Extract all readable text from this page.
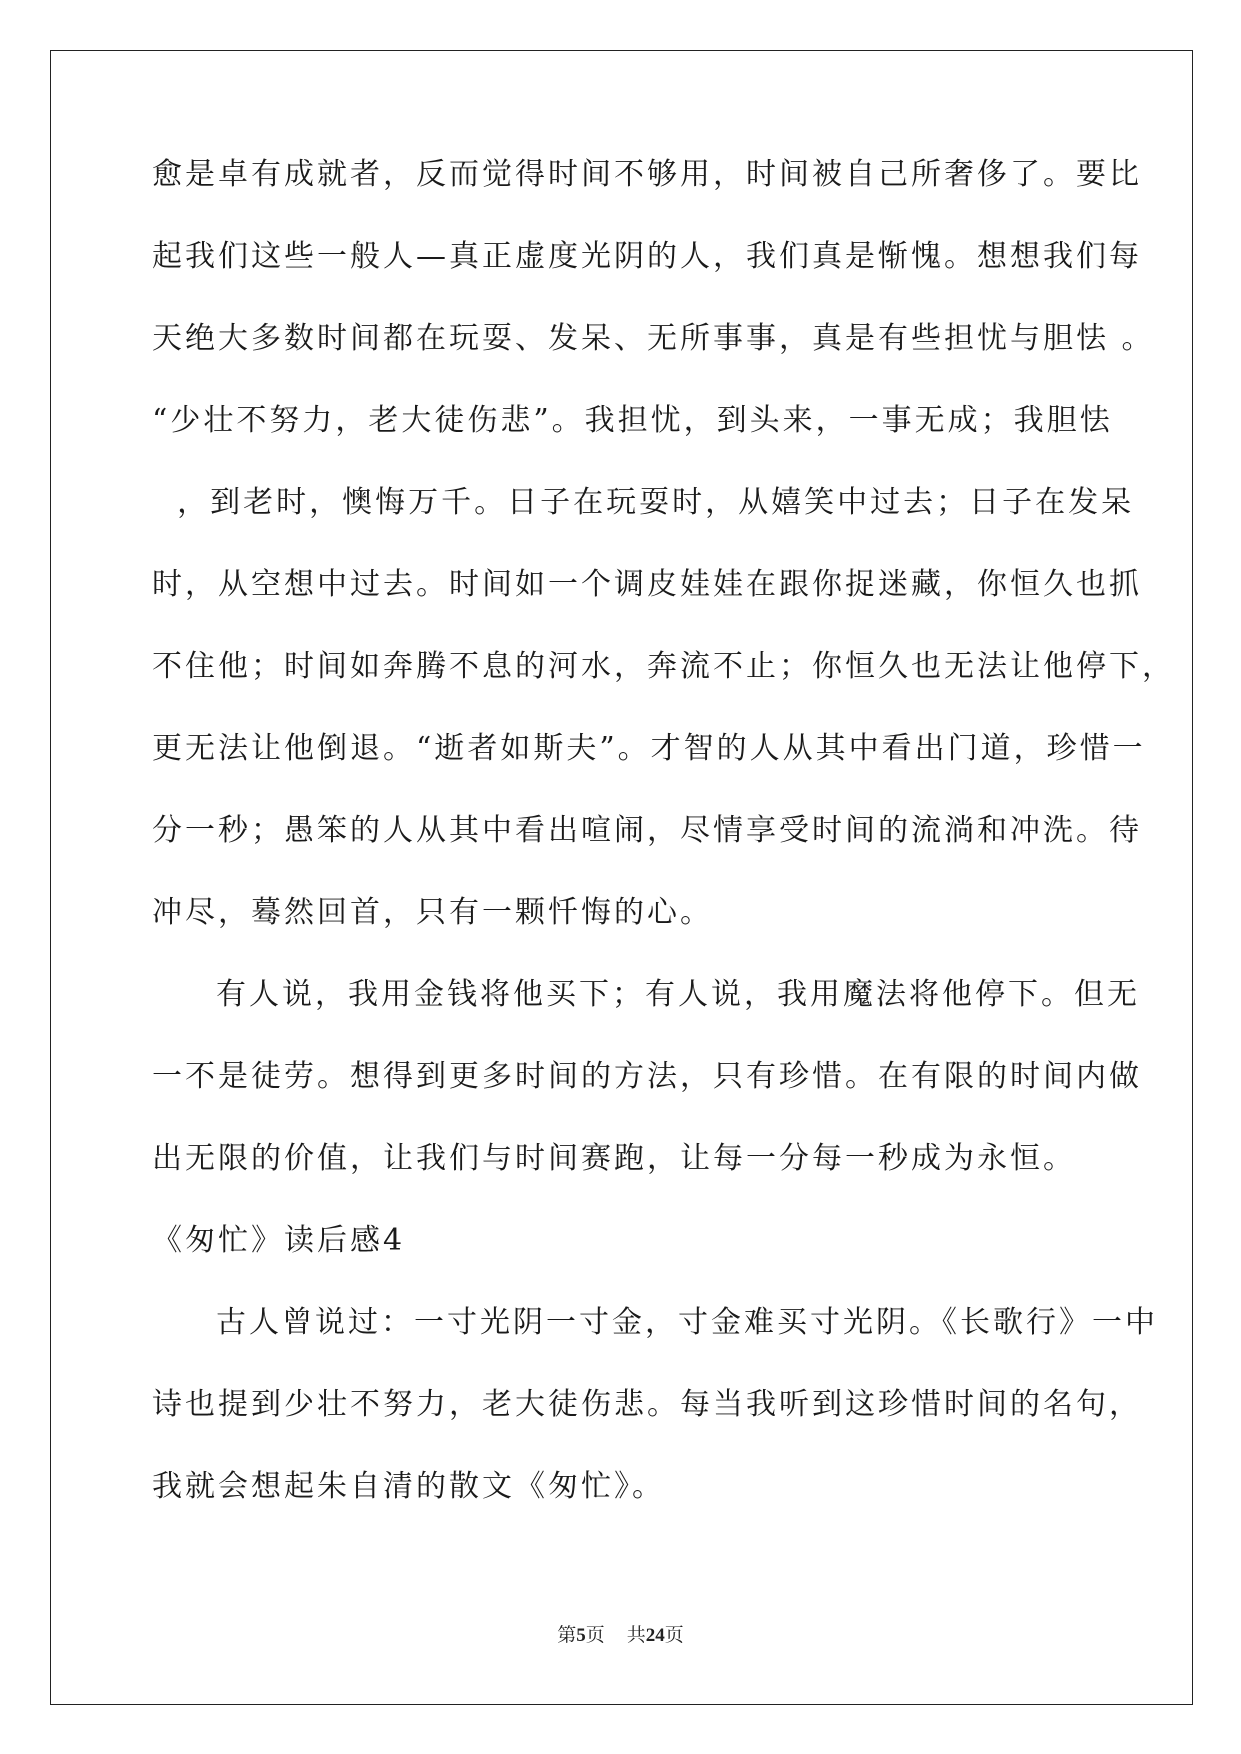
愈是卓有成就者，反而觉得时间不够用，时间被自己所奢侈了。要比
起我们这些一般人—真正虚度光阴的人，我们真是惭愧。想想我们每
天绝大多数时间都在玩耍、发呆、无所事事，真是有些担忧与胆怯 。
“少壮不努力，老大徒伤悲”。我担忧，到头来，一事无成；我胆怯
，到老时，懊悔万千。日子在玩耍时，从嬉笑中过去；日子在发呆
时，从空想中过去。时间如一个调皮娃娃在跟你捉迷藏，你恒久也抓
不住他；时间如奔腾不息的河水，奔流不止；你恒久也无法让他停下，
更无法让他倒退。“逝者如斯夫”。才智的人从其中看出门道，珍惜一
分一秒；愚笨的人从其中看出喧闹，尽情享受时间的流淌和冲洗。待
冲尽，蓦然回首，只有一颗忏悔的心。
有人说，我用金钱将他买下；有人说，我用魔法将他停下。但无
一不是徒劳。想得到更多时间的方法，只有珍惜。在有限的时间内做
出无限的价值，让我们与时间赛跑，让每一分每一秒成为永恒。
《匆忙》读后感4
古人曾说过：一寸光阴一寸金，寸金难买寸光阴。《长歌行》一中
诗也提到少壮不努力，老大徒伤悲。每当我听到这珍惜时间的名句，
我就会想起朱自清的散文《匆忙》。
第5页 共24页
